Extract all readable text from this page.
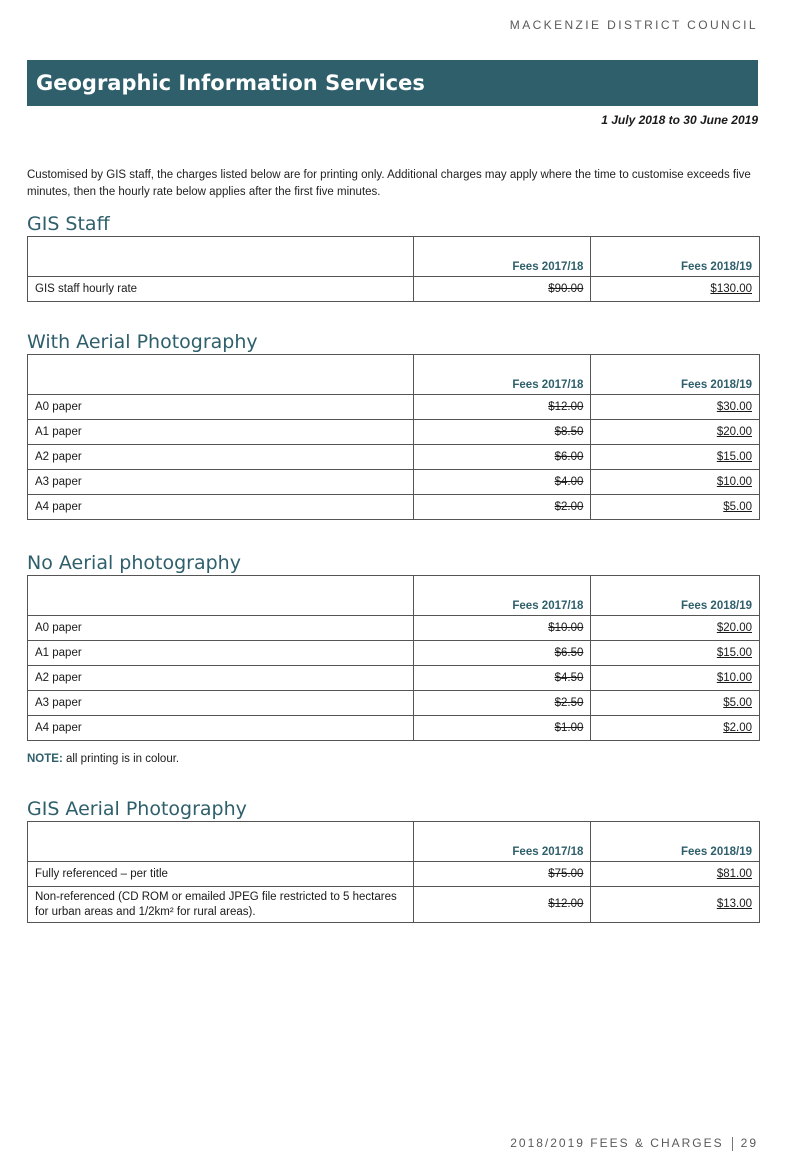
MACKENZIE DISTRICT COUNCIL
Geographic Information Services
1 July 2018 to 30 June 2019
Customised by GIS staff, the charges listed below are for printing only. Additional charges may apply where the time to customise exceeds five minutes, then the hourly rate below applies after the first five minutes.
GIS Staff
	Fees 2017/18	Fees 2018/19
GIS staff hourly rate	$90.00	$130.00
With Aerial Photography
	Fees 2017/18	Fees 2018/19
A0 paper	$12.00	$30.00
A1 paper	$8.50	$20.00
A2 paper	$6.00	$15.00
A3 paper	$4.00	$10.00
A4 paper	$2.00	$5.00
No Aerial photography
	Fees 2017/18	Fees 2018/19
A0 paper	$10.00	$20.00
A1 paper	$6.50	$15.00
A2 paper	$4.50	$10.00
A3 paper	$2.50	$5.00
A4 paper	$1.00	$2.00
NOTE: all printing is in colour.
GIS Aerial Photography
	Fees 2017/18	Fees 2018/19
Fully referenced – per title	$75.00	$81.00
Non-referenced (CD ROM or emailed JPEG file restricted to 5 hectares for urban areas and 1/2km² for rural areas).	$12.00	$13.00
2018/2019 FEES & CHARGES 29
